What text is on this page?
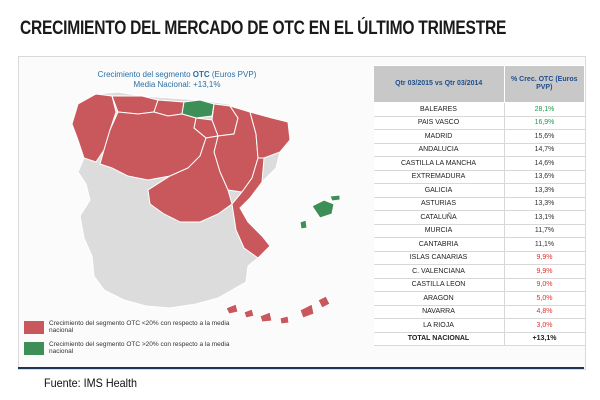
CRECIMIENTO DEL MERCADO DE OTC EN EL ÚLTIMO TRIMESTRE
Crecimiento del segmento OTC (Euros PVP)
Media Nacional: +13,1%
Crecimiento del segmento OTC <20% con respecto a la media nacional
Crecimiento del segmento OTC >20% con respecto a la media nacional
Qtr 03/2015 vs Qtr 03/2014	% Crec. OTC (Euros PVP)
BALEARES	28,1%
PAIS VASCO	16,9%
MADRID	15,6%
ANDALUCIA	14,7%
CASTILLA LA MANCHA	14,6%
EXTREMADURA	13,6%
GALICIA	13,3%
ASTURIAS	13,3%
CATALUÑA	13,1%
MURCIA	11,7%
CANTABRIA	11,1%
ISLAS CANARIAS	9,9%
C. VALENCIANA	9,9%
CASTILLA LEON	9,0%
ARAGON	5,0%
NAVARRA	4,8%
LA RIOJA	3,0%
TOTAL NACIONAL	+13,1%
Fuente: IMS Health
